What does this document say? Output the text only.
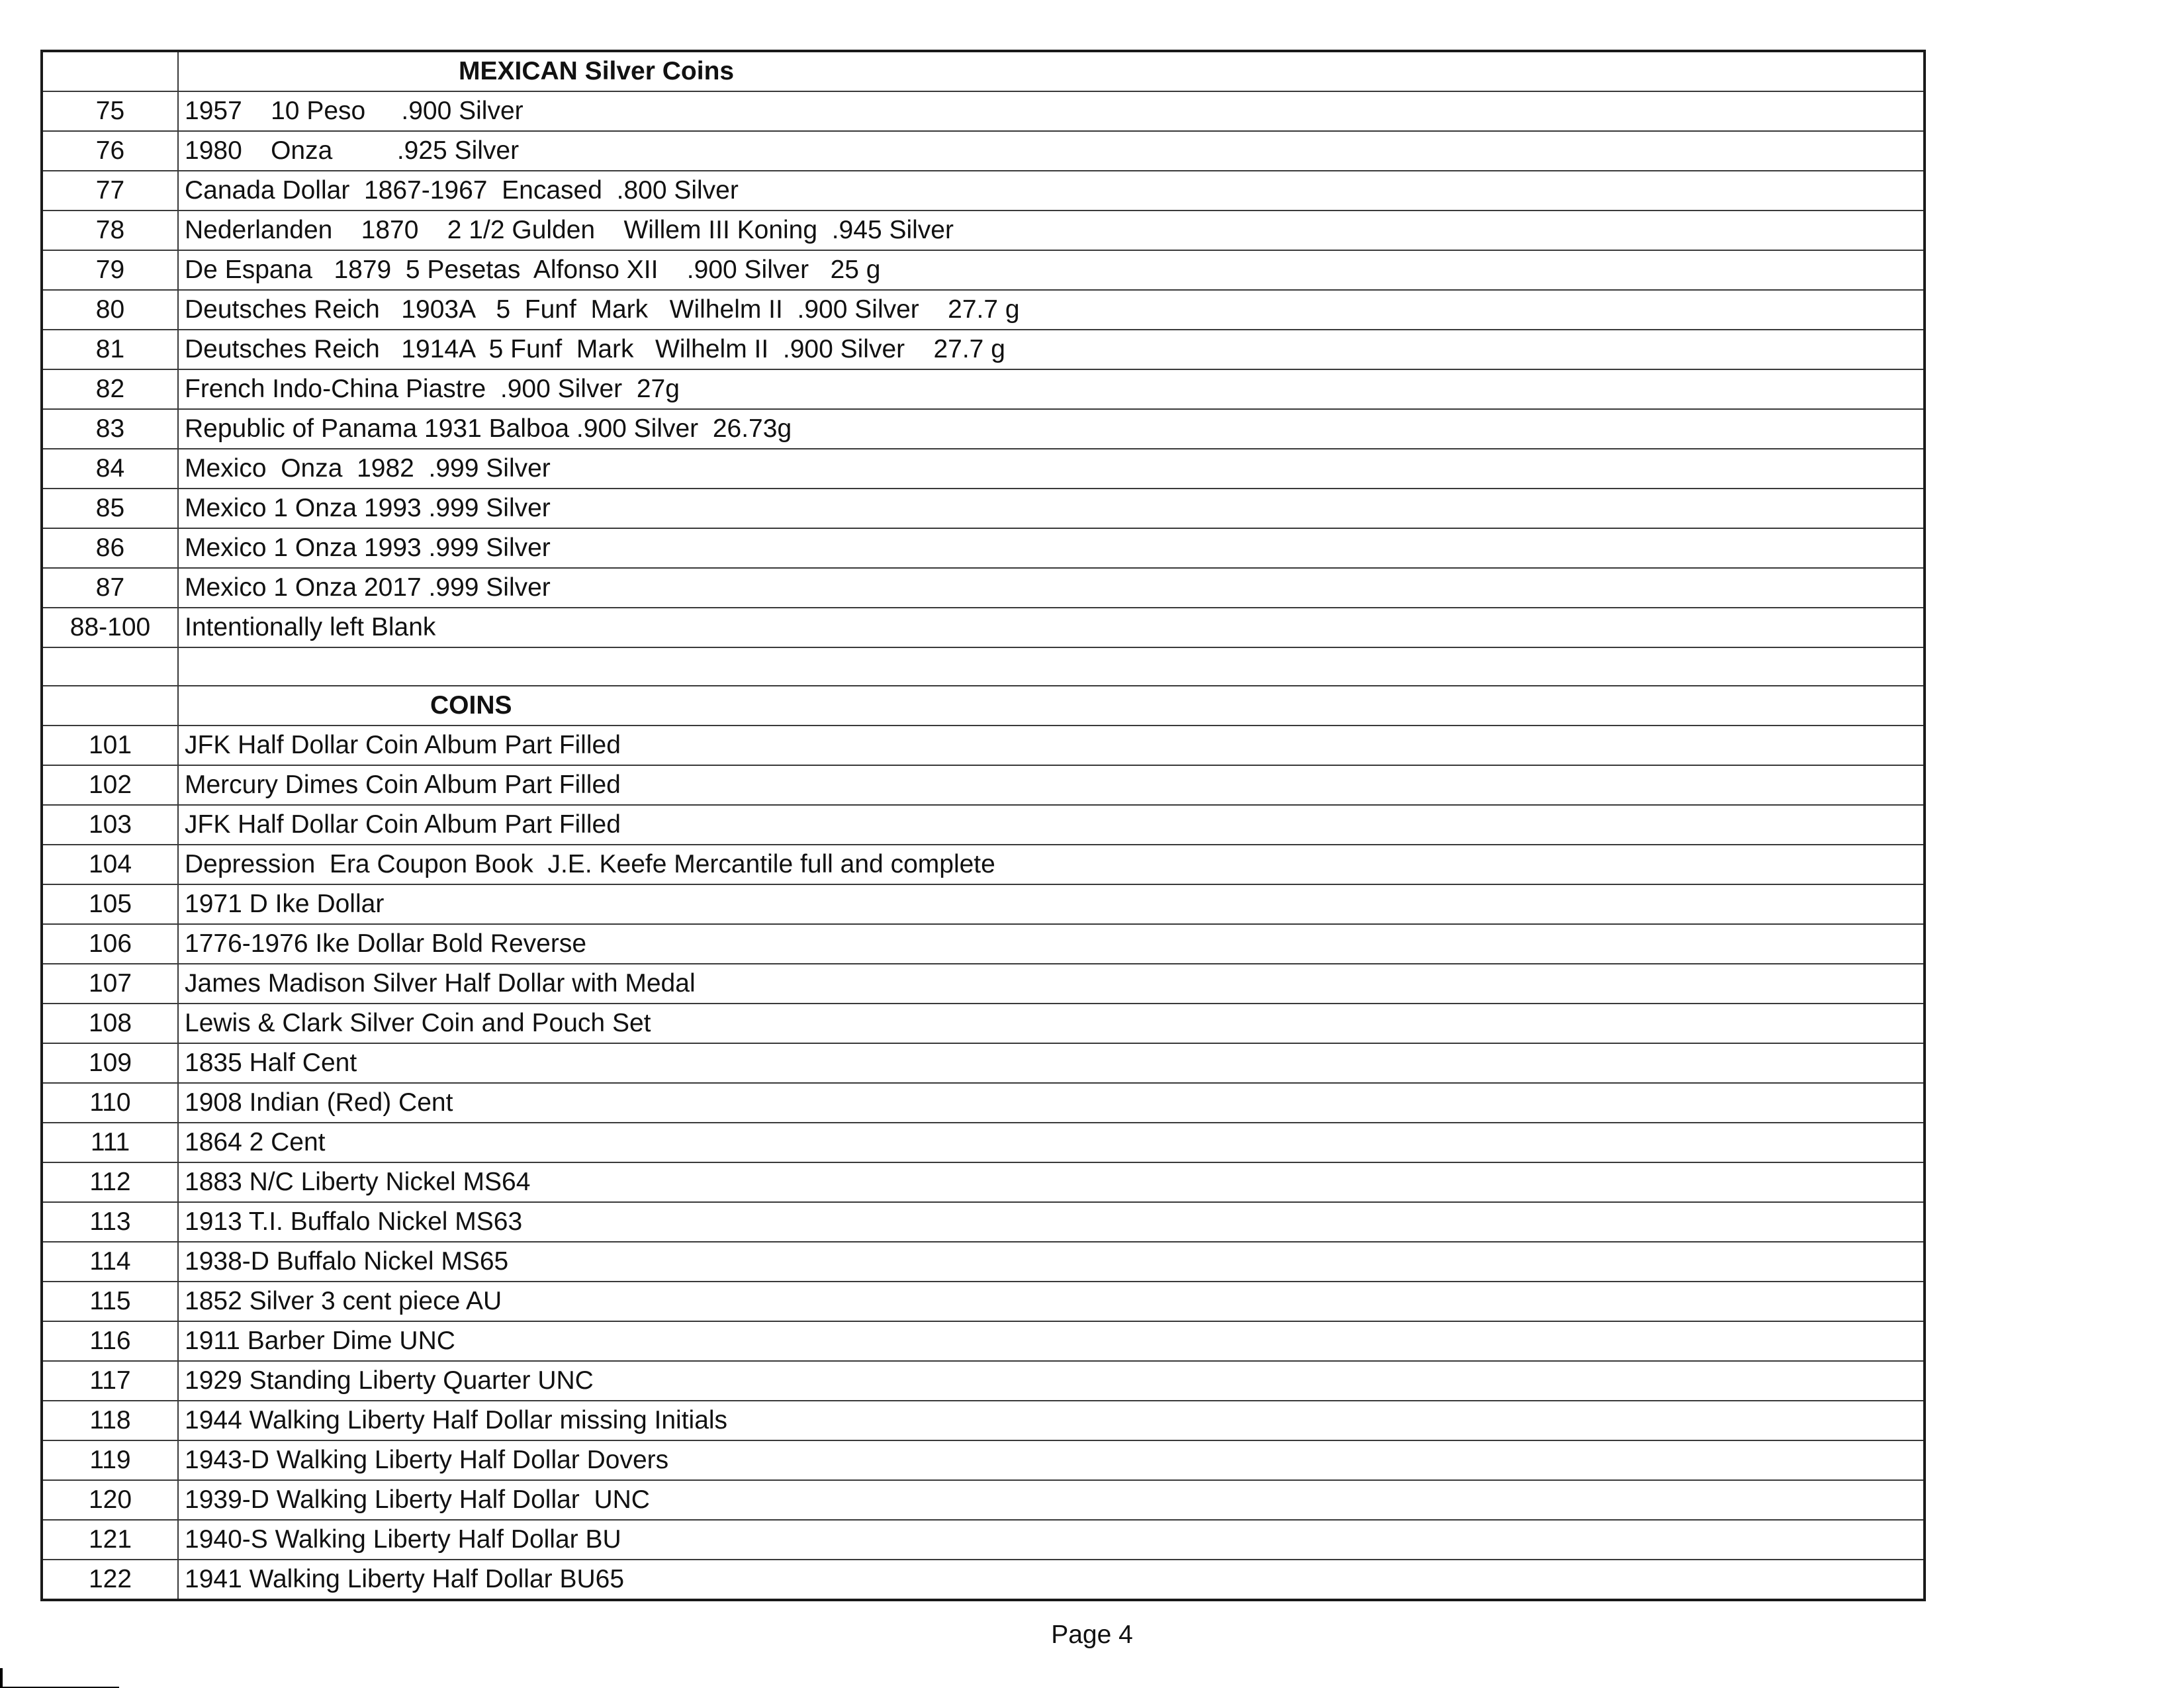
	MEXICAN Silver Coins
75	1957    10 Peso     .900 Silver
76	1980    Onza         .925 Silver
77	Canada Dollar  1867-1967  Encased  .800 Silver
78	Nederlanden    1870    2 1/2 Gulden    Willem III Koning  .945 Silver
79	De Espana   1879  5 Pesetas  Alfonso XII    .900 Silver   25 g
80	Deutsches Reich   1903A   5  Funf  Mark   Wilhelm II  .900 Silver    27.7 g
81	Deutsches Reich   1914A  5 Funf  Mark   Wilhelm II  .900 Silver    27.7 g
82	French Indo-China Piastre  .900 Silver  27g
83	Republic of Panama 1931 Balboa .900 Silver  26.73g
84	Mexico  Onza  1982  .999 Silver
85	Mexico 1 Onza 1993 .999 Silver
86	Mexico 1 Onza 1993 .999 Silver
87	Mexico 1 Onza 2017 .999 Silver
88-100	Intentionally left Blank

	COINS
101	JFK Half Dollar Coin Album Part Filled
102	Mercury Dimes Coin Album Part Filled
103	JFK Half Dollar Coin Album Part Filled
104	Depression  Era Coupon Book  J.E. Keefe Mercantile full and complete
105	1971 D Ike Dollar
106	1776-1976 Ike Dollar Bold Reverse
107	James Madison Silver Half Dollar with Medal
108	Lewis & Clark Silver Coin and Pouch Set
109	1835 Half Cent
110	1908 Indian (Red) Cent
111	1864 2 Cent
112	1883 N/C Liberty Nickel MS64
113	1913 T.I. Buffalo Nickel MS63
114	1938-D Buffalo Nickel MS65
115	1852 Silver 3 cent piece AU
116	1911 Barber Dime UNC
117	1929 Standing Liberty Quarter UNC
118	1944 Walking Liberty Half Dollar missing Initials
119	1943-D Walking Liberty Half Dollar Dovers
120	1939-D Walking Liberty Half Dollar  UNC
121	1940-S Walking Liberty Half Dollar BU
122	1941 Walking Liberty Half Dollar BU65
Page 4
